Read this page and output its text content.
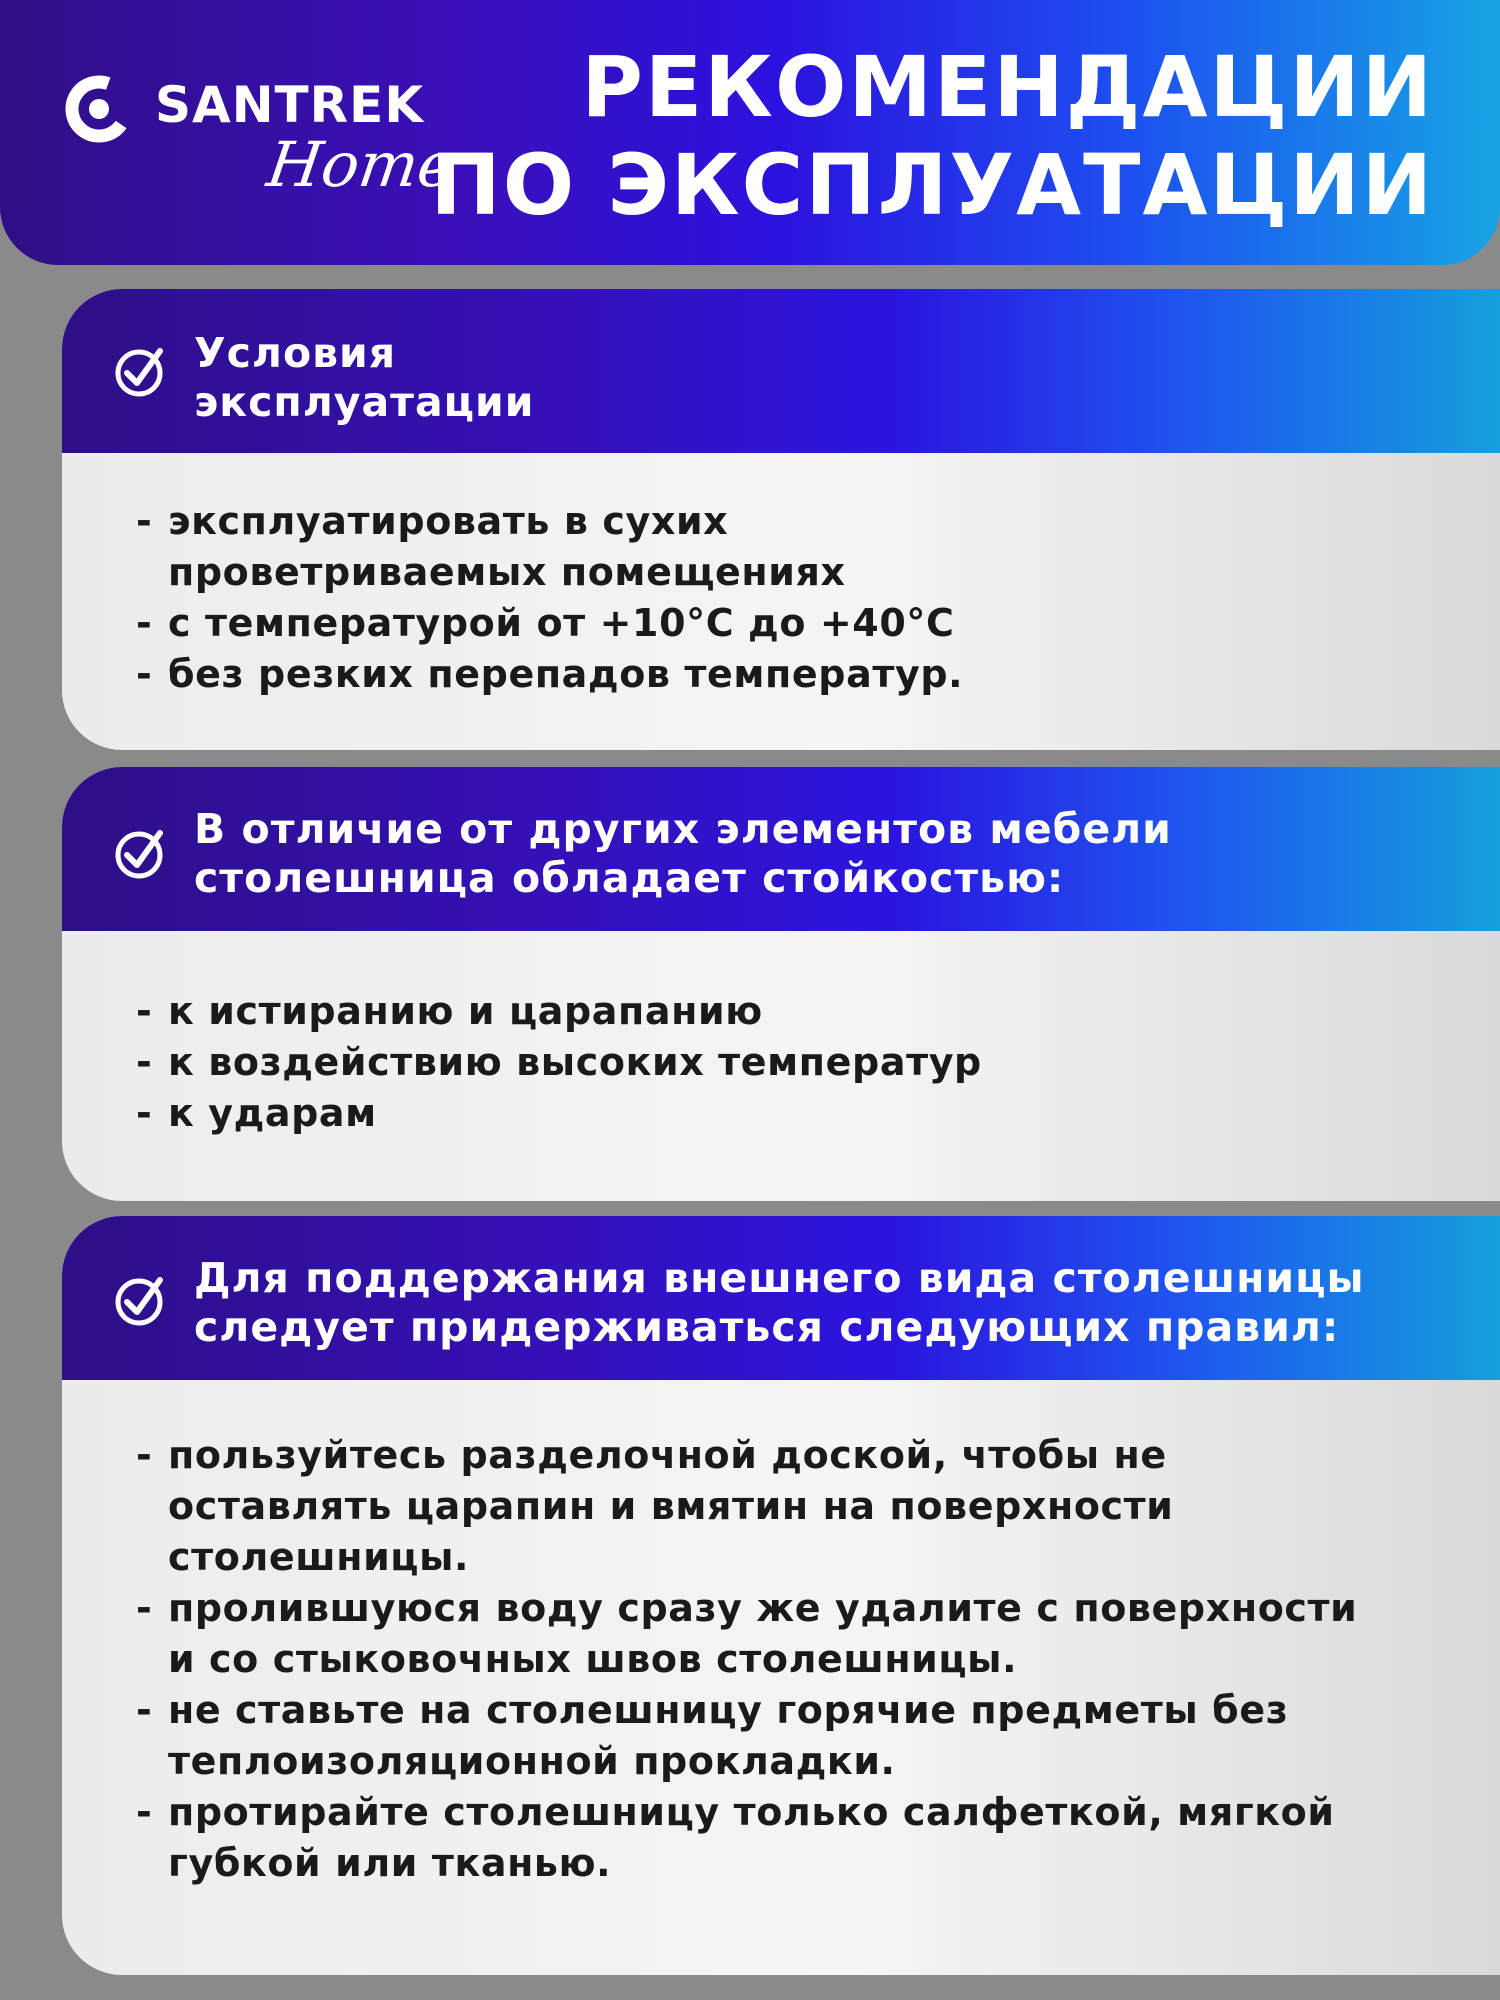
SANTREK
Home
РЕКОМЕНДАЦИИ
ПО ЭКСПЛУАТАЦИИ
Условия
эксплуатации
- эксплуатировать в сухих
проветриваемых помещениях
- с температурой от +10°C до +40°C
- без резких перепадов температур.
В отличие от других элементов мебели
столешница обладает стойкостью:
- к истиранию и царапанию
- к воздействию высоких температур
- к ударам
Для поддержания внешнего вида столешницы
следует придерживаться следующих правил:
- пользуйтесь разделочной доской, чтобы не
оставлять царапин и вмятин на поверхности
столешницы.
- пролившуюся воду сразу же удалите с поверхности
и со стыковочных швов столешницы.
- не ставьте на столешницу горячие предметы без
теплоизоляционной прокладки.
- протирайте столешницу только салфеткой, мягкой
губкой или тканью.
